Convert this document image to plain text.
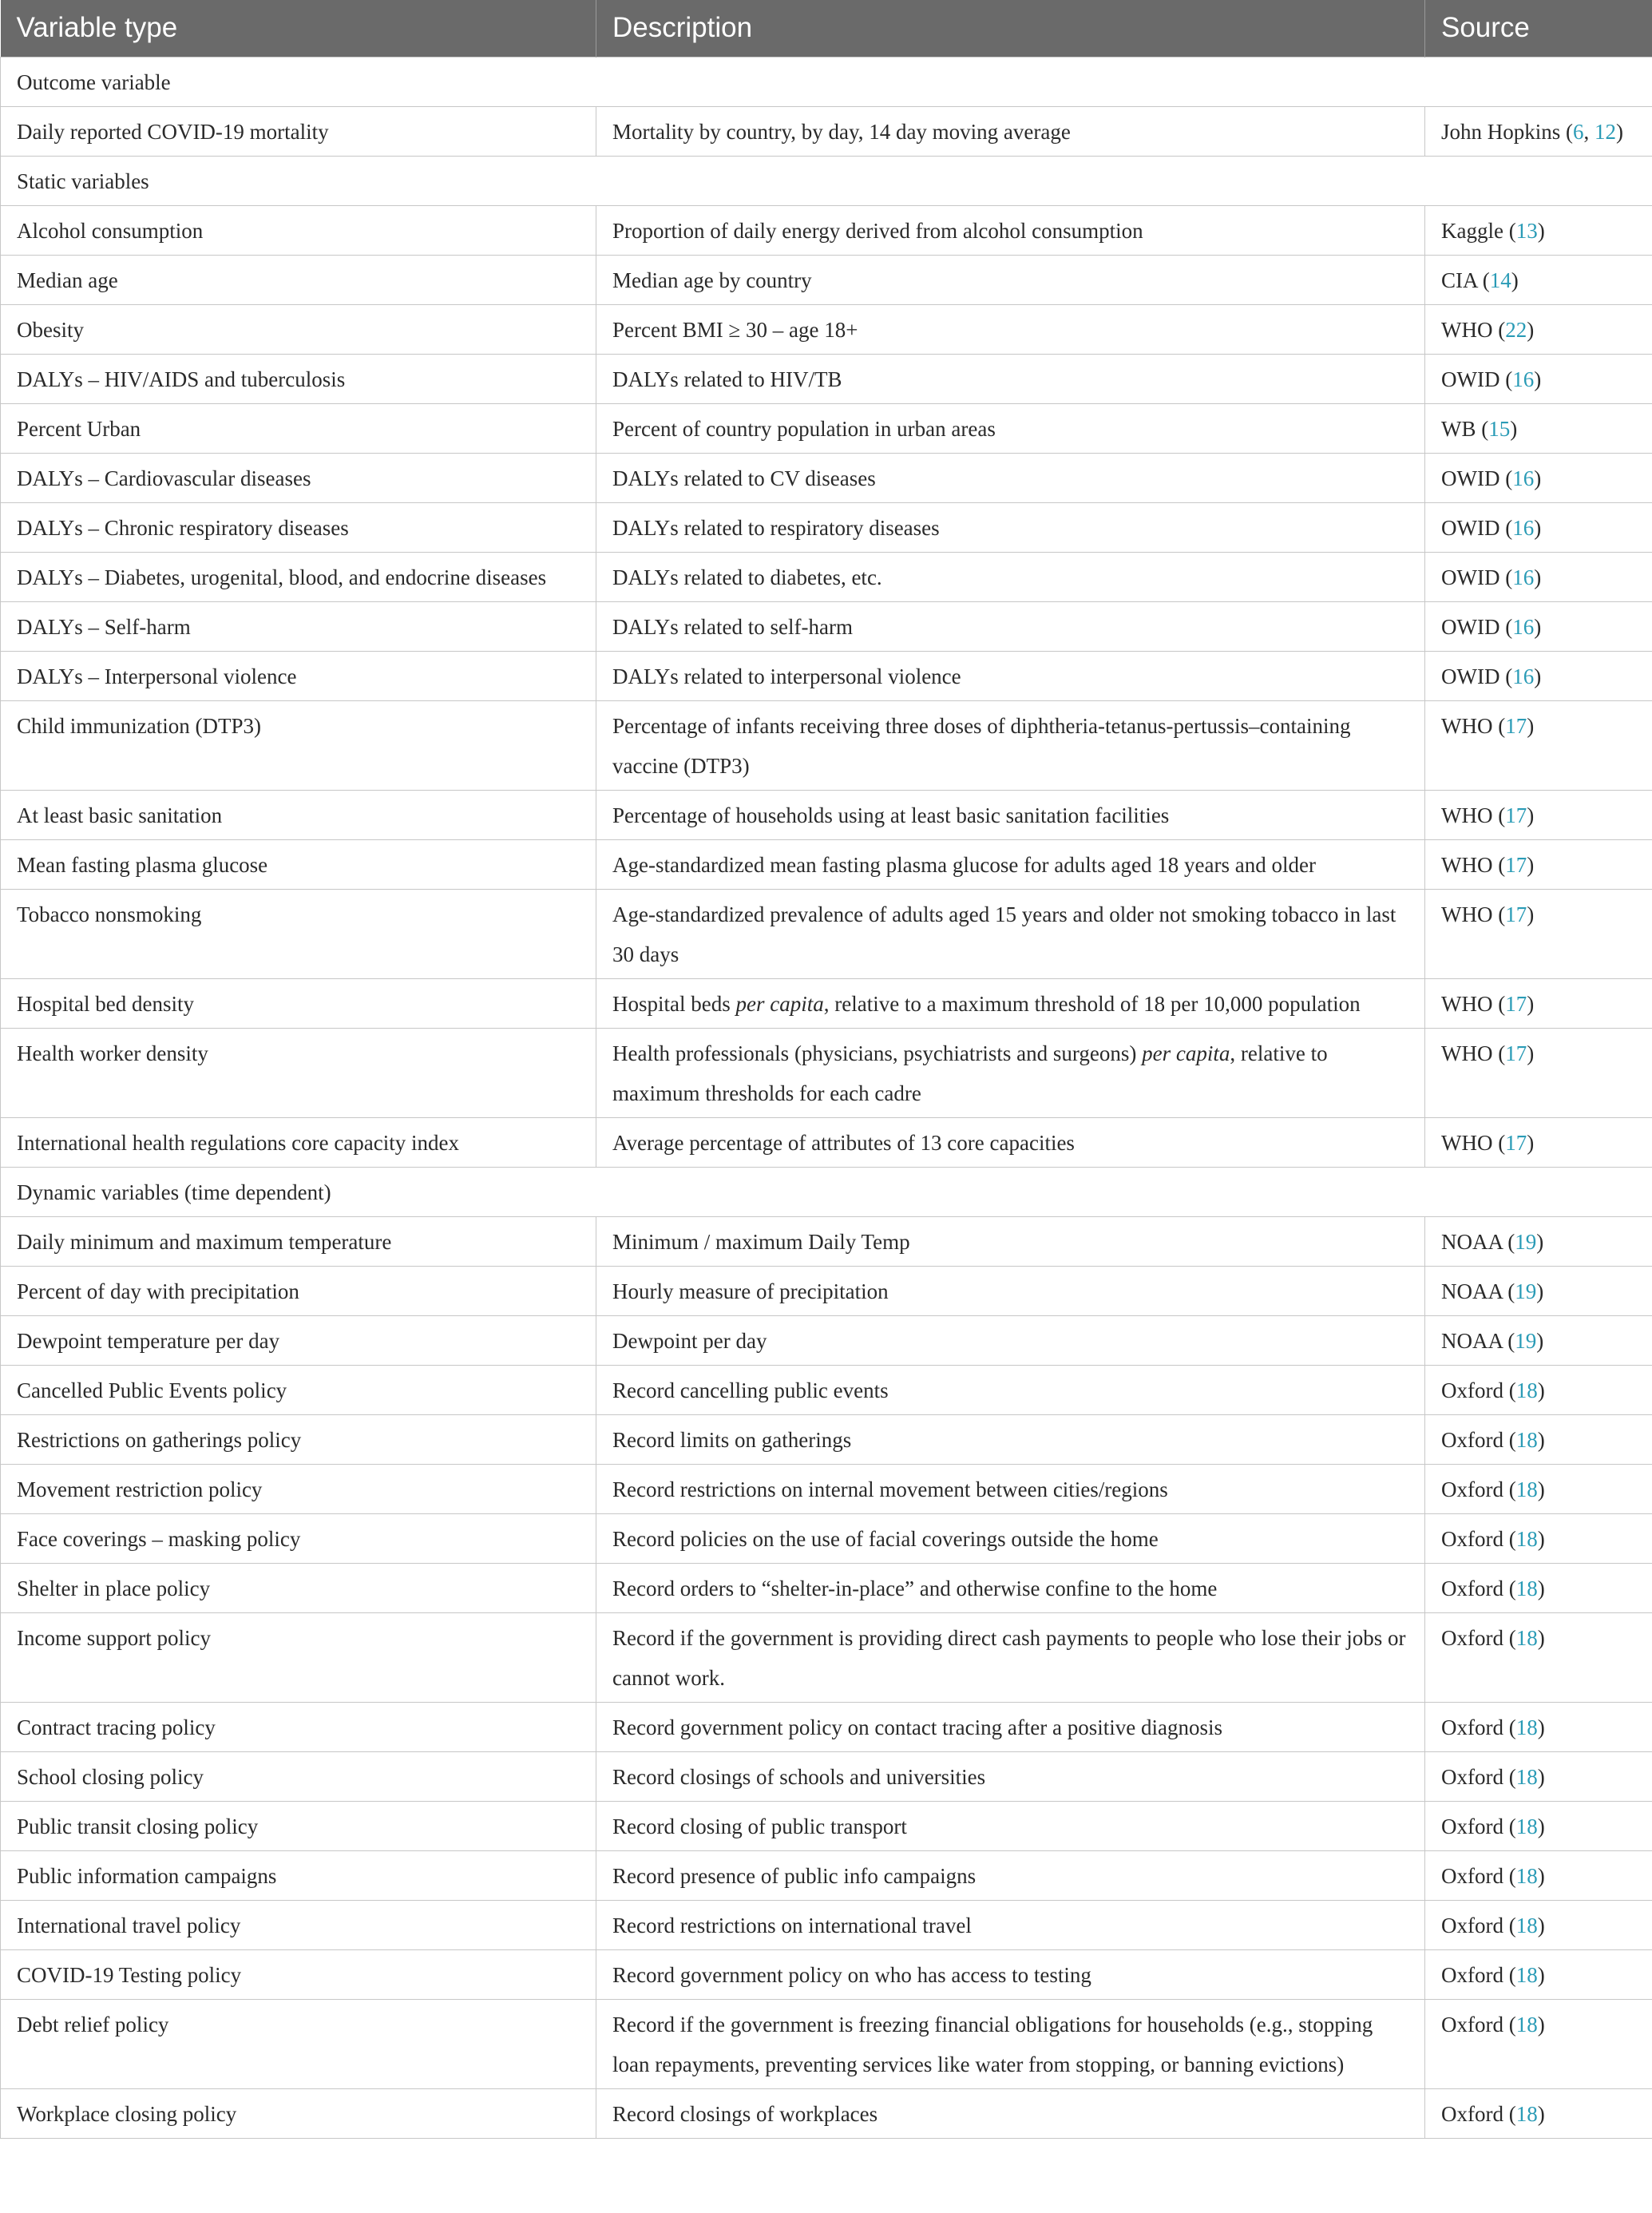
Variable type	Description	Source
Outcome variable		
Daily reported COVID-19 mortality	Mortality by country, by day, 14 day moving average	John Hopkins (6, 12)
Static variables		
Alcohol consumption	Proportion of daily energy derived from alcohol consumption	Kaggle (13)
Median age	Median age by country	CIA (14)
Obesity	Percent BMI ≥ 30 – age 18+	WHO (22)
DALYs – HIV/AIDS and tuberculosis	DALYs related to HIV/TB	OWID (16)
Percent Urban	Percent of country population in urban areas	WB (15)
DALYs – Cardiovascular diseases	DALYs related to CV diseases	OWID (16)
DALYs – Chronic respiratory diseases	DALYs related to respiratory diseases	OWID (16)
DALYs – Diabetes, urogenital, blood, and endocrine diseases	DALYs related to diabetes, etc.	OWID (16)
DALYs – Self-harm	DALYs related to self-harm	OWID (16)
DALYs – Interpersonal violence	DALYs related to interpersonal violence	OWID (16)
Child immunization (DTP3)	Percentage of infants receiving three doses of diphtheria-tetanus-pertussis–containing vaccine (DTP3)	WHO (17)
At least basic sanitation	Percentage of households using at least basic sanitation facilities	WHO (17)
Mean fasting plasma glucose	Age-standardized mean fasting plasma glucose for adults aged 18 years and older	WHO (17)
Tobacco nonsmoking	Age-standardized prevalence of adults aged 15 years and older not smoking tobacco in last 30 days	WHO (17)
Hospital bed density	Hospital beds per capita, relative to a maximum threshold of 18 per 10,000 population	WHO (17)
Health worker density	Health professionals (physicians, psychiatrists and surgeons) per capita, relative to maximum thresholds for each cadre	WHO (17)
International health regulations core capacity index	Average percentage of attributes of 13 core capacities	WHO (17)
Dynamic variables (time dependent)		
Daily minimum and maximum temperature	Minimum / maximum Daily Temp	NOAA (19)
Percent of day with precipitation	Hourly measure of precipitation	NOAA (19)
Dewpoint temperature per day	Dewpoint per day	NOAA (19)
Cancelled Public Events policy	Record cancelling public events	Oxford (18)
Restrictions on gatherings policy	Record limits on gatherings	Oxford (18)
Movement restriction policy	Record restrictions on internal movement between cities/regions	Oxford (18)
Face coverings – masking policy	Record policies on the use of facial coverings outside the home	Oxford (18)
Shelter in place policy	Record orders to “shelter-in-place” and otherwise confine to the home	Oxford (18)
Income support policy	Record if the government is providing direct cash payments to people who lose their jobs or cannot work.	Oxford (18)
Contract tracing policy	Record government policy on contact tracing after a positive diagnosis	Oxford (18)
School closing policy	Record closings of schools and universities	Oxford (18)
Public transit closing policy	Record closing of public transport	Oxford (18)
Public information campaigns	Record presence of public info campaigns	Oxford (18)
International travel policy	Record restrictions on international travel	Oxford (18)
COVID-19 Testing policy	Record government policy on who has access to testing	Oxford (18)
Debt relief policy	Record if the government is freezing financial obligations for households (e.g., stopping loan repayments, preventing services like water from stopping, or banning evictions)	Oxford (18)
Workplace closing policy	Record closings of workplaces	Oxford (18)
